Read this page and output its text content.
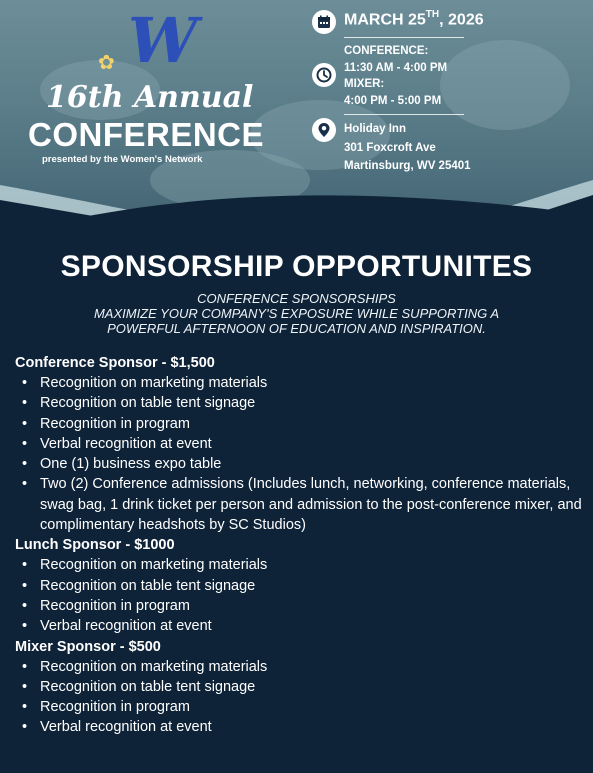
W
✿
16th Annual
CONFERENCE
presented by the Women's Network
MARCH 25TH, 2026
CONFERENCE:
11:30 AM - 4:00 PM
MIXER:
4:00 PM - 5:00 PM
Holiday Inn
301 Foxcroft Ave
Martinsburg, WV 25401
SPONSORSHIP OPPORTUNITES
CONFERENCE SPONSORSHIPS
MAXIMIZE YOUR COMPANY'S EXPOSURE WHILE SUPPORTING A
POWERFUL AFTERNOON OF EDUCATION AND INSPIRATION.
Conference Sponsor - $1,500
• Recognition on marketing materials
• Recognition on table tent signage
• Recognition in program
• Verbal recognition at event
• One (1) business expo table
• Two (2) Conference admissions (Includes lunch, networking, conference materials, swag bag, 1 drink ticket per person and admission to the post-conference mixer, and complimentary headshots by SC Studios)
Lunch Sponsor - $1000
• Recognition on marketing materials
• Recognition on table tent signage
• Recognition in program
• Verbal recognition at event
Mixer Sponsor - $500
• Recognition on marketing materials
• Recognition on table tent signage
• Recognition in program
• Verbal recognition at event
